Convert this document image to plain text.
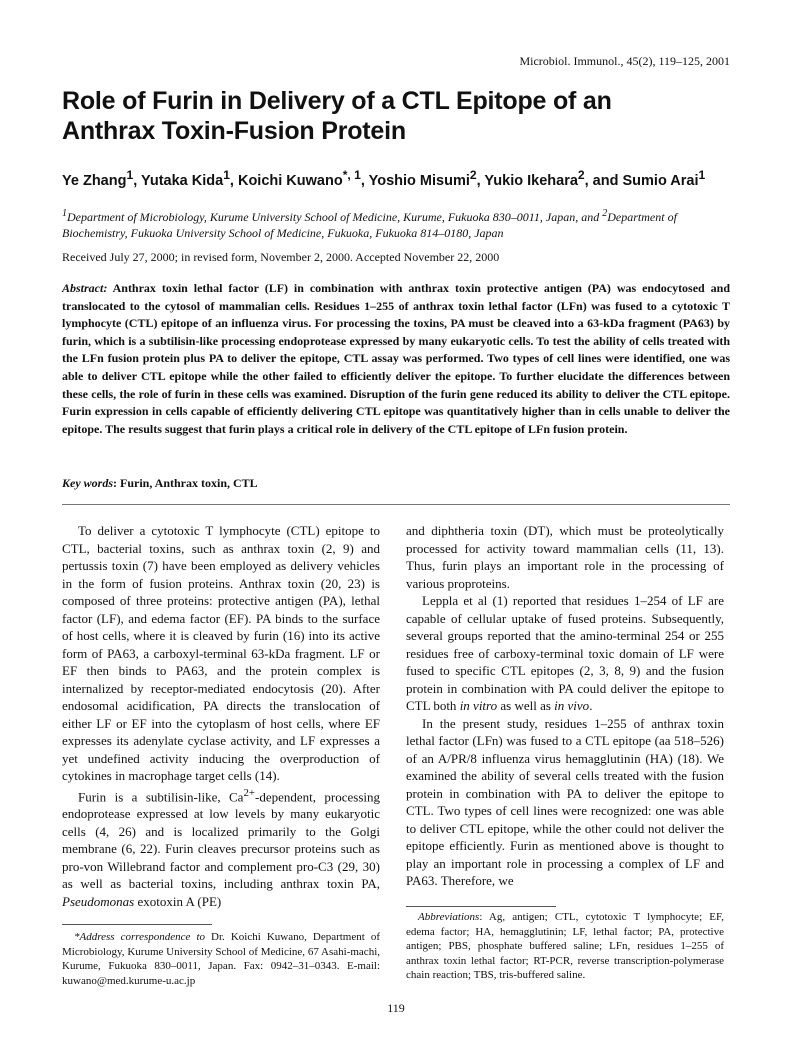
Microbiol. Immunol., 45(2), 119–125, 2001
Role of Furin in Delivery of a CTL Epitope of an Anthrax Toxin-Fusion Protein
Ye Zhang$^1$, Yutaka Kida$^1$, Koichi Kuwano$^{*, 1}$, Yoshio Misumi$^2$, Yukio Ikehara$^2$, and Sumio Arai$^1$
$^1$Department of Microbiology, Kurume University School of Medicine, Kurume, Fukuoka 830–0011, Japan, and $^2$Department of Biochemistry, Fukuoka University School of Medicine, Fukuoka, Fukuoka 814–0180, Japan
Received July 27, 2000; in revised form, November 2, 2000. Accepted November 22, 2000
Abstract: Anthrax toxin lethal factor (LF) in combination with anthrax toxin protective antigen (PA) was endocytosed and translocated to the cytosol of mammalian cells. Residues 1–255 of anthrax toxin lethal factor (LFn) was fused to a cytotoxic T lymphocyte (CTL) epitope of an influenza virus. For processing the toxins, PA must be cleaved into a 63-kDa fragment (PA63) by furin, which is a subtilisin-like processing endoprotease expressed by many eukaryotic cells. To test the ability of cells treated with the LFn fusion protein plus PA to deliver the epitope, CTL assay was performed. Two types of cell lines were identified, one was able to deliver CTL epitope while the other failed to efficiently deliver the epitope. To further elucidate the differences between these cells, the role of furin in these cells was examined. Disruption of the furin gene reduced its ability to deliver the CTL epitope. Furin expression in cells capable of efficiently delivering CTL epitope was quantitatively higher than in cells unable to deliver the epitope. The results suggest that furin plays a critical role in delivery of the CTL epitope of LFn fusion protein.
Key words: Furin, Anthrax toxin, CTL

To deliver a cytotoxic T lymphocyte (CTL) epitope to CTL, bacterial toxins, such as anthrax toxin (2, 9) and pertussis toxin (7) have been employed as delivery vehicles in the form of fusion proteins. Anthrax toxin (20, 23) is composed of three proteins: protective antigen (PA), lethal factor (LF), and edema factor (EF). PA binds to the surface of host cells, where it is cleaved by furin (16) into its active form of PA63, a carboxyl-terminal 63-kDa fragment. LF or EF then binds to PA63, and the protein complex is internalized by receptor-mediated endocytosis (20). After endosomal acidification, PA directs the translocation of either LF or EF into the cytoplasm of host cells, where EF expresses its adenylate cyclase activity, and LF expresses a yet undefined activity inducing the overproduction of cytokines in macrophage target cells (14).

Furin is a subtilisin-like, $Ca^{2+}$-dependent, processing endoprotease expressed at low levels by many eukaryotic cells (4, 26) and is localized primarily to the Golgi membrane (6, 22). Furin cleaves precursor proteins such as pro-von Willebrand factor and complement pro-C3 (29, 30) as well as bacterial toxins, including anthrax toxin PA, Pseudomonas exotoxin A (PE)

and diphtheria toxin (DT), which must be proteolytically processed for activity toward mammalian cells (11, 13). Thus, furin plays an important role in the processing of various proproteins.

Leppla et al (1) reported that residues 1–254 of LF are capable of cellular uptake of fused proteins. Subsequently, several groups reported that the amino-terminal 254 or 255 residues free of carboxy-terminal toxic domain of LF were fused to specific CTL epitopes (2, 3, 8, 9) and the fusion protein in combination with PA could deliver the epitope to CTL both in vitro as well as in vivo.

In the present study, residues 1–255 of anthrax toxin lethal factor (LFn) was fused to a CTL epitope (aa 518–526) of an A/PR/8 influenza virus hemagglutinin (HA) (18). We examined the ability of several cells treated with the fusion protein in combination with PA to deliver the epitope to CTL. Two types of cell lines were recognized: one was able to deliver CTL epitope, while the other could not deliver the epitope efficiently. Furin as mentioned above is thought to play an important role in processing a complex of LF and PA63. Therefore, we

*Address correspondence to Dr. Koichi Kuwano, Department of Microbiology, Kurume University School of Medicine, 67 Asahi-machi, Kurume, Fukuoka 830–0011, Japan. Fax: 0942–31–0343. E-mail: kuwano@med.kurume-u.ac.jp

Abbreviations: Ag, antigen; CTL, cytotoxic T lymphocyte; EF, edema factor; HA, hemagglutinin; LF, lethal factor; PA, protective antigen; PBS, phosphate buffered saline; LFn, residues 1–255 of anthrax toxin lethal factor; RT-PCR, reverse transcription-polymerase chain reaction; TBS, tris-buffered saline.

119
